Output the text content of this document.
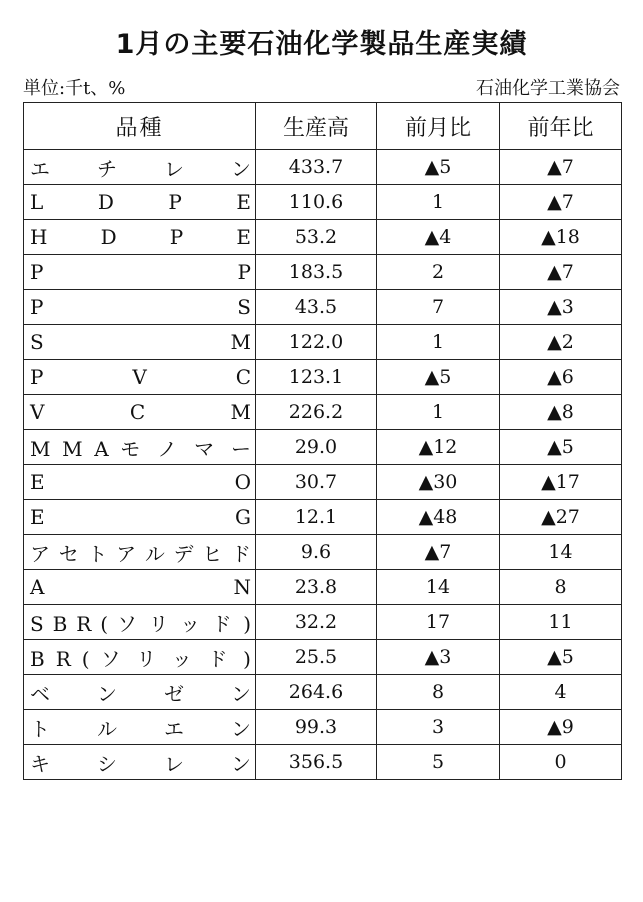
1月の主要石油化学製品生産実績
単位:千t、%	石油化学工業協会
品種	生産高	前月比	前年比
エ チ レ ン	433.7	▲5	▲7
L D P E	110.6	1	▲7
H D P E	53.2	▲4	▲18
P P	183.5	2	▲7
P S	43.5	7	▲3
S M	122.0	1	▲2
P V C	123.1	▲5	▲6
V C M	226.2	1	▲8
M M A モ ノ マ ー	29.0	▲12	▲5
E O	30.7	▲30	▲17
E G	12.1	▲48	▲27
ア セ ト ア ル デ ヒ ド	9.6	▲7	14
A N	23.8	14	8
S B R ( ソ リ ッ ド )	32.2	17	11
B R ( ソ リ ッ ド )	25.5	▲3	▲5
ベ ン ゼ ン	264.6	8	4
ト ル エ ン	99.3	3	▲9
キ シ レ ン	356.5	5	0
